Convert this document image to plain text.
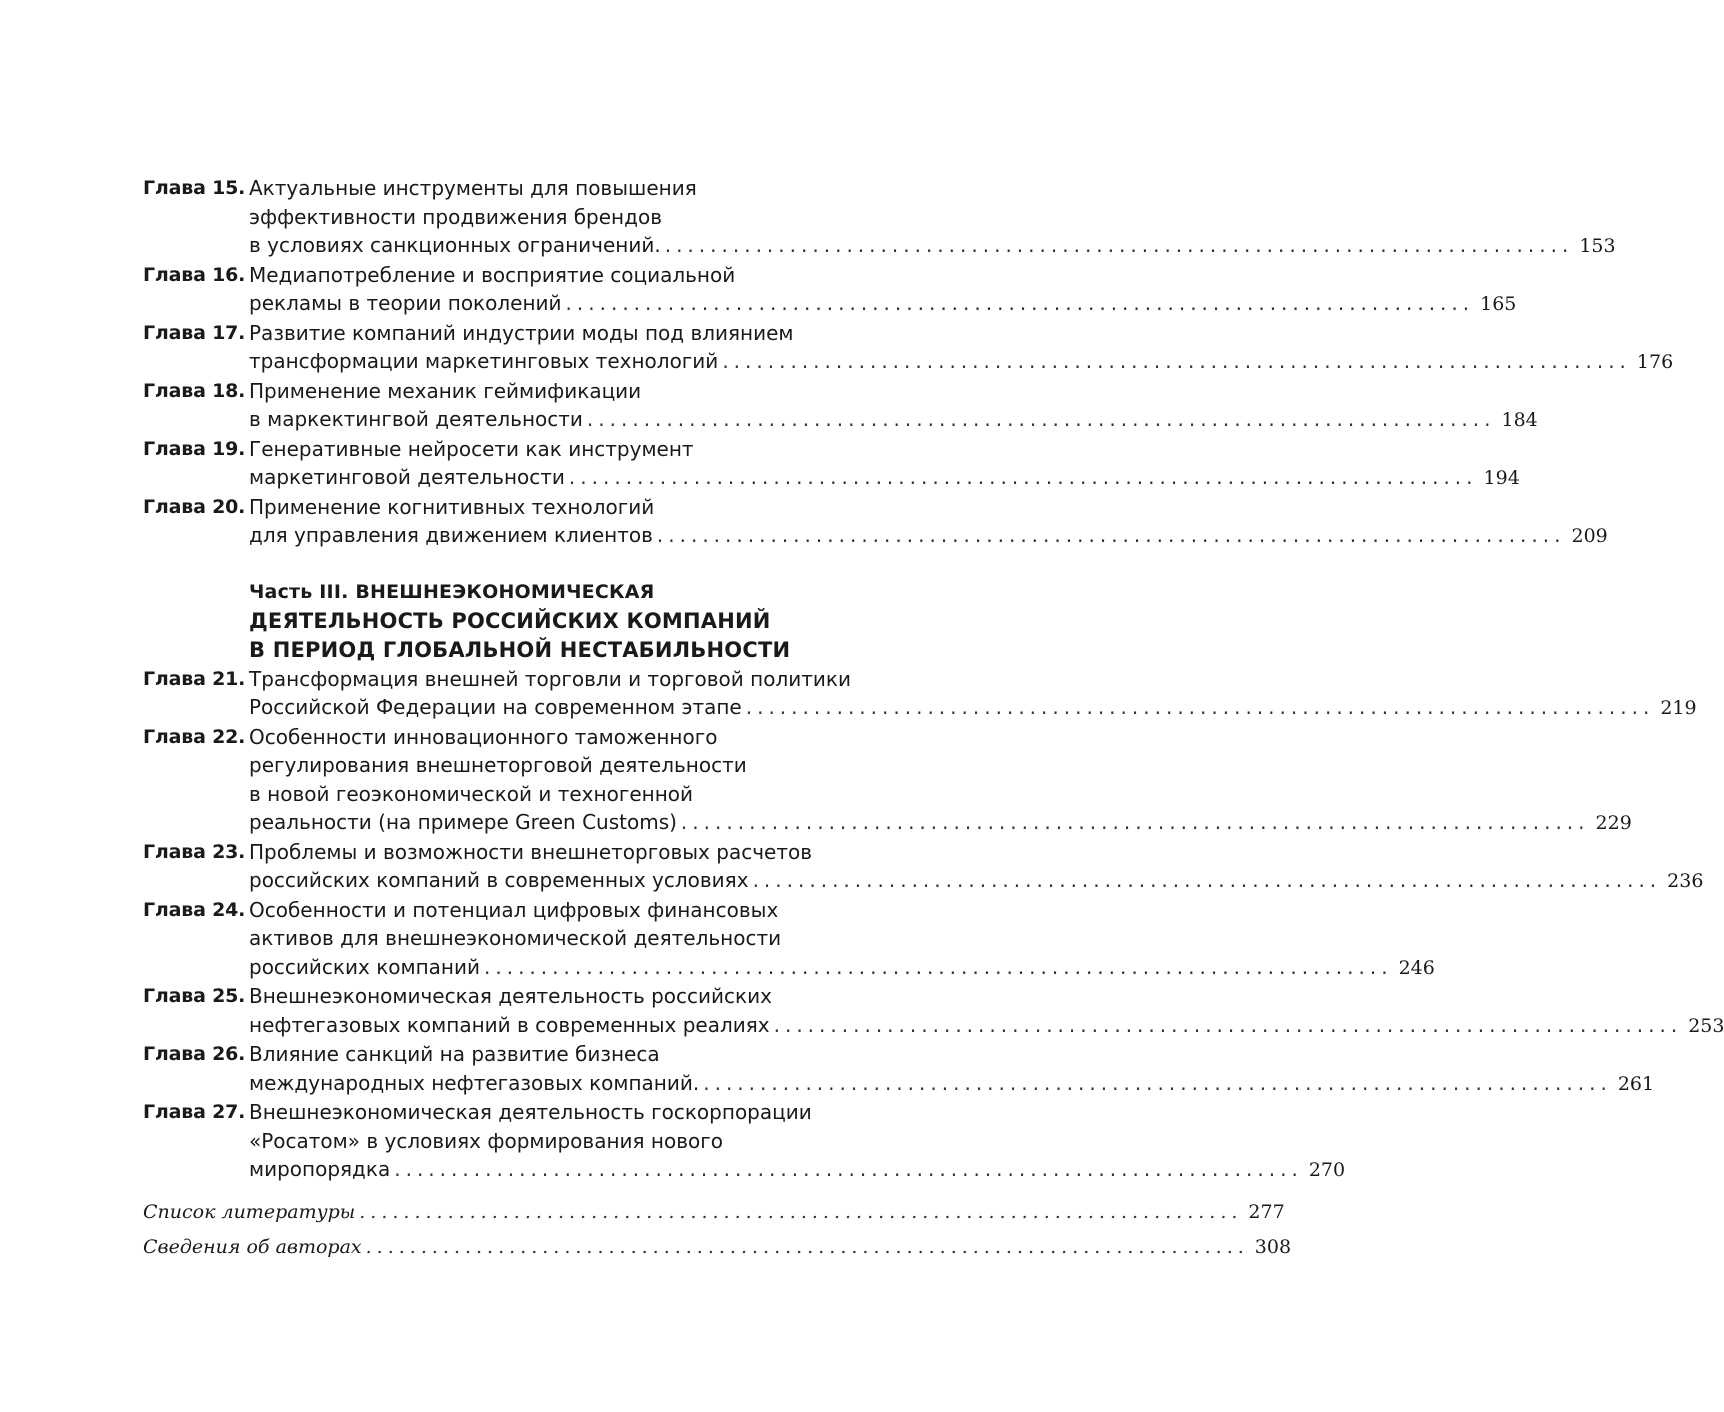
Глава 15. Актуальные инструменты для повышения
эффективности продвижения брендов
в условиях санкционных ограничений. ................................................................................ 153
Глава 16. Медиапотребление и восприятие социальной
рекламы в теории поколений ................................................................................ 165
Глава 17. Развитие компаний индустрии моды под влиянием
трансформации маркетинговых технологий ................................................................................ 176
Глава 18. Применение механик геймификации
в маркектингвой деятельности ................................................................................ 184
Глава 19. Генеративные нейросети как инструмент
маркетинговой деятельности ................................................................................ 194
Глава 20. Применение когнитивных технологий
для управления движением клиентов ................................................................................ 209
Часть III. ВНЕШНЕЭКОНОМИЧЕСКАЯ
ДЕЯТЕЛЬНОСТЬ РОССИЙСКИХ КОМПАНИЙ
В ПЕРИОД ГЛОБАЛЬНОЙ НЕСТАБИЛЬНОСТИ
Глава 21. Трансформация внешней торговли и торговой политики
Российской Федерации на современном этапе ................................................................................ 219
Глава 22. Особенности инновационного таможенного
регулирования внешнеторговой деятельности
в новой геоэкономической и техногенной
реальности (на примере Green Customs) ................................................................................ 229
Глава 23. Проблемы и возможности внешнеторговых расчетов
российских компаний в современных условиях ................................................................................ 236
Глава 24. Особенности и потенциал цифровых финансовых
активов для внешнеэкономической деятельности
российских компаний ................................................................................ 246
Глава 25. Внешнеэкономическая деятельность российских
нефтегазовых компаний в современных реалиях ................................................................................ 253
Глава 26. Влияние санкций на развитие бизнеса
международных нефтегазовых компаний. ................................................................................ 261
Глава 27. Внешнеэкономическая деятельность госкорпорации
«Росатом» в условиях формирования нового
миропорядка ................................................................................ 270
Список литературы ................................................................................ 277
Сведения об авторах ................................................................................ 308
